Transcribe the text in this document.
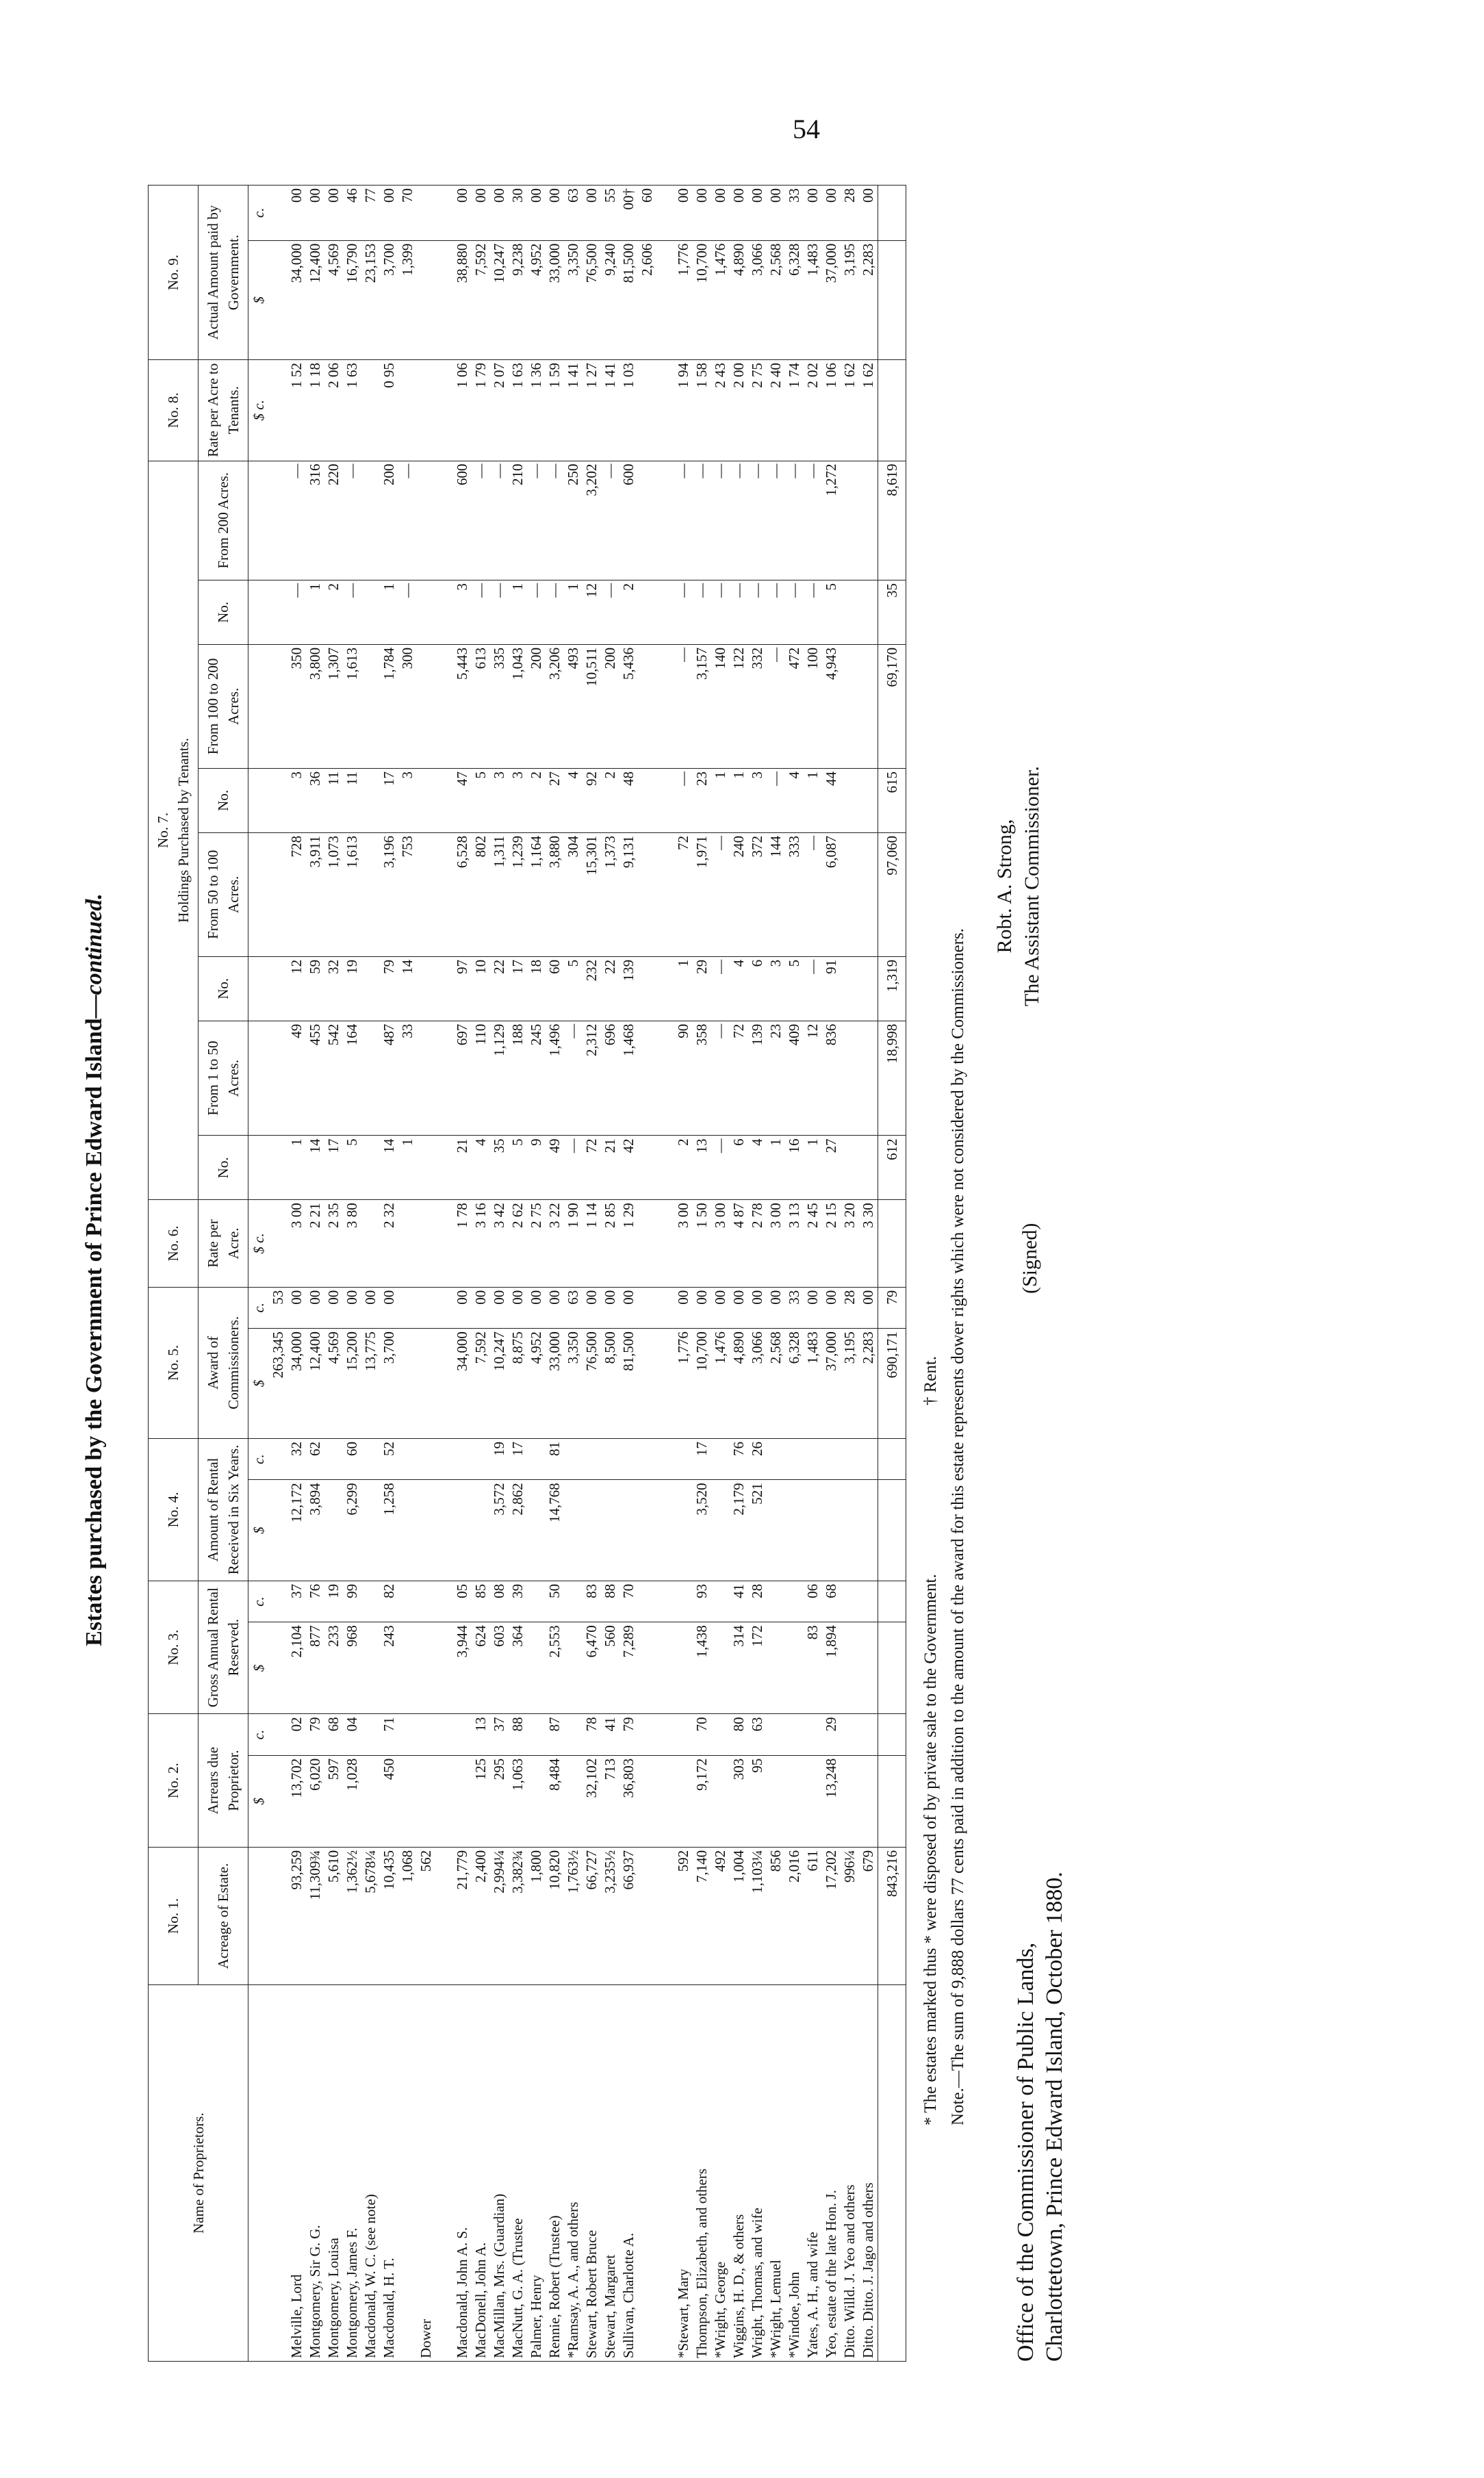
54
Estates purchased by the Government of Prince Edward Island—continued.
Name of Proprietors.	No. 1.	No. 2.		No. 3.		No. 4.		No. 5.		No. 6.	No. 7. Holdings Purchased by Tenants.								No. 8.	No. 9.	
	Acreage of Estate.	Arrears due Proprietor.		Gross Annual Rental Reserved.		Amount of Rental Received in Six Years.		Award of Commissioners.		Rate per Acre.	No.	From 1 to 50 Acres.	No.	From 50 to 100 Acres.	No.	From 100 to 200 Acres.	No.	From 200 Acres.	Rate per Acre to Tenants.	Actual Amount paid by Government.	
		$	c.	$	c.	$	c.	$	c.	$ c.									$ c.	$	c.
								263,345	53												
Melville, Lord	93,259	13,702	02	2,104	37	12,172	32	34,000	00	3 00	1	49	12	728	3	350	—	—	1 52	34,000	00
Montgomery, Sir G. G.	11,309¾	6,020	79	877	76	3,894	62	12,400	00	2 21	14	455	59	3,911	36	3,800	1	316	1 18	12,400	00
Montgomery, Louisa	5,610	597	68	233	19			4,569	00	2 35	17	542	32	1,073	11	1,307	2	220	2 06	4,569	00
Montgomery, James F.	1,362½	1,028	04	968	99	6,299	60	15,200	00	3 80	5	164	19	1,613	11	1,613	—	—	1 63	16,790	46
Macdonald, W. C. (see note)	5,678¼							13,775	00											23,153	77
Macdonald, H. T.	10,435	450	71	243	82	1,258	52	3,700	00	2 32	14	487	79	3,196	17	1,784	1	200	0 95	3,700	00
	1,068										1	33	14	753	3	300	—	—		1,399	70
Dower	562																				

Macdonald, John A. S.	21,779			3,944	05			34,000	00	1 78	21	697	97	6,528	47	5,443	3	600	1 06	38,880	00
MacDonell, John A.	2,400	125	13	624	85			7,592	00	3 16	4	110	10	802	5	613	—	—	1 79	7,592	00
MacMillan, Mrs. (Guardian)	2,994¼	295	37	603	08	3,572	19	10,247	00	3 42	35	1,129	22	1,311	3	335	—	—	2 07	10,247	00
MacNutt, G. A. (Trustee	3,382¾	1,063	88	364	39	2,862	17	8,875	00	2 62	5	188	17	1,239	3	1,043	1	210	1 63	9,238	30
Palmer, Henry	1,800							4,952	00	2 75	9	245	18	1,164	2	200	—	—	1 36	4,952	00
Rennie, Robert (Trustee)	10,820	8,484	87	2,553	50	14,768	81	33,000	00	3 22	49	1,496	60	3,880	27	3,206	—	—	1 59	33,000	00
*Ramsay, A. A., and others	1,763½							3,350	63	1 90	—	—	5	304	4	493	1	250	1 41	3,350	63
Stewart, Robert Bruce	66,727	32,102	78	6,470	83			76,500	00	1 14	72	2,312	232	15,301	92	10,511	12	3,202	1 27	76,500	00
Stewart, Margaret	3,235½	713	41	560	88			8,500	00	2 85	21	696	22	1,373	2	200	—	—	1 41	9,240	55
Sullivan, Charlotte A.	66,937	36,803	79	7,289	70			81,500	00	1 29	42	1,468	139	9,131	48	5,436	2	600	1 03	81,500	00†
																				2,606	60

*Stewart, Mary	592							1,776	00	3 00	2	90	1	72	—	—	—	—	1 94	1,776	00
Thompson, Elizabeth, and others	7,140	9,172	70	1,438	93	3,520	17	10,700	00	1 50	13	358	29	1,971	23	3,157	—	—	1 58	10,700	00
*Wright, George	492							1,476	00	3 00	—	—	—	—	1	140	—	—	2 43	1,476	00
Wiggins, H. D., & others	1,004	303	80	314	41	2,179	76	4,890	00	4 87	6	72	4	240	1	122	—	—	2 00	4,890	00
Wright, Thomas, and wife	1,103¼	95	63	172	28	521	26	3,066	00	2 78	4	139	6	372	3	332	—	—	2 75	3,066	00
*Wright, Lemuel	856							2,568	00	3 00	1	23	3	144	—	—	—	—	2 40	2,568	00
*Windoe, John	2,016							6,328	33	3 13	16	409	5	333	4	472	—	—	1 74	6,328	33
Yates, A. H., and wife	611			83	06			1,483	00	2 45	1	12	—	—	1	100	—	—	2 02	1,483	00
Yeo, estate of the late Hon. J.	17,202	13,248	29	1,894	68			37,000	00	2 15	27	836	91	6,087	44	4,943	5	1,272	1 06	37,000	00
Ditto. Willd. J. Yeo and others	996¼							3,195	28	3 20									1 62	3,195	28
Ditto. Ditto. J. Jago and others	679							2,283	00	3 30									1 62	2,283	00
	843,216							690,171	79		612	18,998	1,319	97,060	615	69,170	35	8,619			
* The estates marked thus * were disposed of by private sale to the Government. † Rent. Note.—The sum of 9,888 dollars 77 cents paid in addition to the amount of the award for this estate represents dower rights which were not considered by the Commissioners.
Office of the Commissioner of Public Lands, Charlottetown, Prince Edward Island, October 1880.
(Signed)
Robt. A. Strong, The Assistant Commissioner.
